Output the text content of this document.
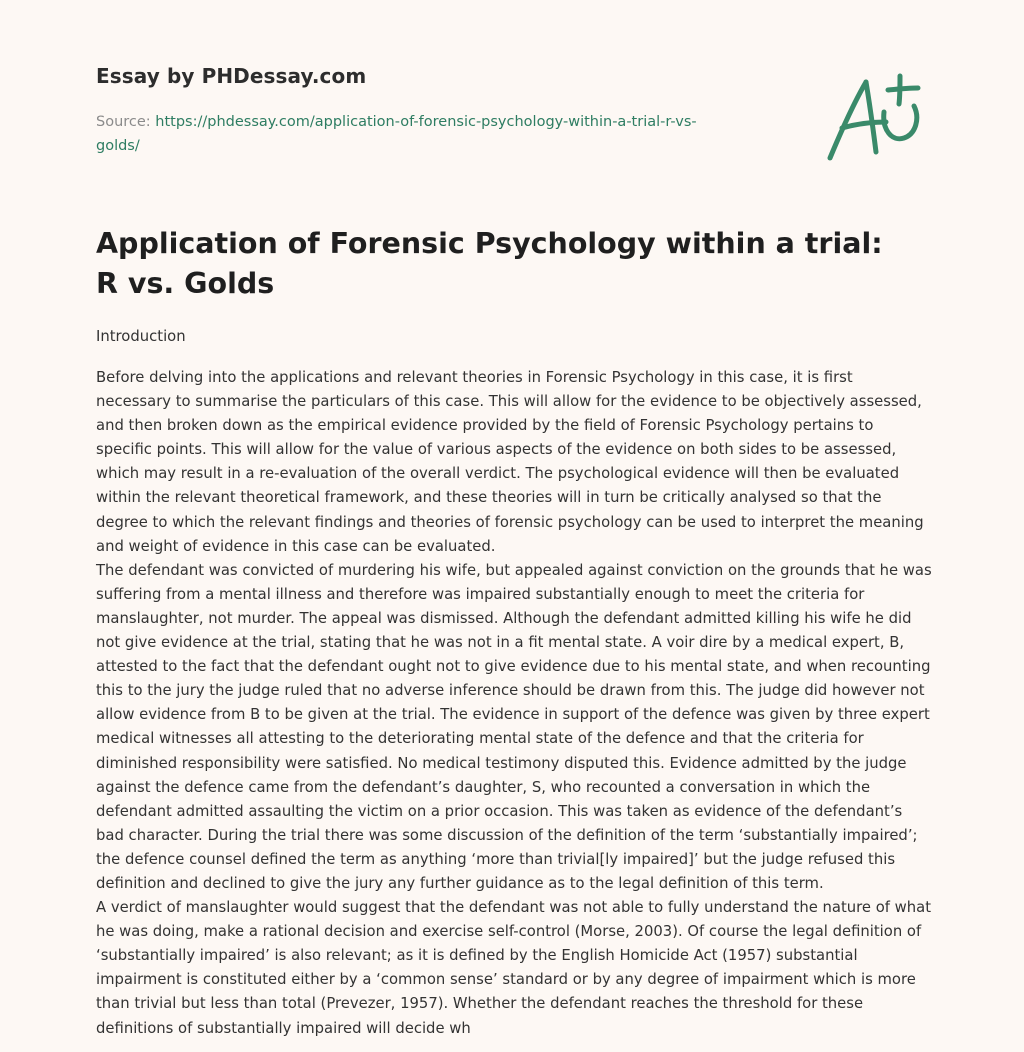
Essay by PHDessay.com
Source: https://phdessay.com/application-of-forensic-psychology-within-a-trial-r-vs-golds/
Application of Forensic Psychology within a trial: R vs. Golds
Introduction

Before delving into the applications and relevant theories in Forensic Psychology in this case, it is first necessary to summarise the particulars of this case. This will allow for the evidence to be objectively assessed, and then broken down as the empirical evidence provided by the field of Forensic Psychology pertains to specific points. This will allow for the value of various aspects of the evidence on both sides to be assessed, which may result in a re-evaluation of the overall verdict. The psychological evidence will then be evaluated within the relevant theoretical framework, and these theories will in turn be critically analysed so that the degree to which the relevant findings and theories of forensic psychology can be used to interpret the meaning and weight of evidence in this case can be evaluated.

The defendant was convicted of murdering his wife, but appealed against conviction on the grounds that he was suffering from a mental illness and therefore was impaired substantially enough to meet the criteria for manslaughter, not murder. The appeal was dismissed. Although the defendant admitted killing his wife he did not give evidence at the trial, stating that he was not in a fit mental state. A voir dire by a medical expert, B, attested to the fact that the defendant ought not to give evidence due to his mental state, and when recounting this to the jury the judge ruled that no adverse inference should be drawn from this. The judge did however not allow evidence from B to be given at the trial. The evidence in support of the defence was given by three expert medical witnesses all attesting to the deteriorating mental state of the defence and that the criteria for diminished responsibility were satisfied. No medical testimony disputed this. Evidence admitted by the judge against the defence came from the defendant’s daughter, S, who recounted a conversation in which the defendant admitted assaulting the victim on a prior occasion. This was taken as evidence of the defendant’s bad character. During the trial there was some discussion of the definition of the term ‘substantially impaired’; the defence counsel defined the term as anything ‘more than trivial[ly impaired]’ but the judge refused this definition and declined to give the jury any further guidance as to the legal definition of this term.

A verdict of manslaughter would suggest that the defendant was not able to fully understand the nature of what he was doing, make a rational decision and exercise self-control (Morse, 2003). Of course the legal definition of ‘substantially impaired’ is also relevant; as it is defined by the English Homicide Act (1957) substantial impairment is constituted either by a ‘common sense’ standard or by any degree of impairment which is more than trivial but less than total (Prevezer, 1957). Whether the defendant reaches the threshold for these definitions of substantially impaired will decide wh
